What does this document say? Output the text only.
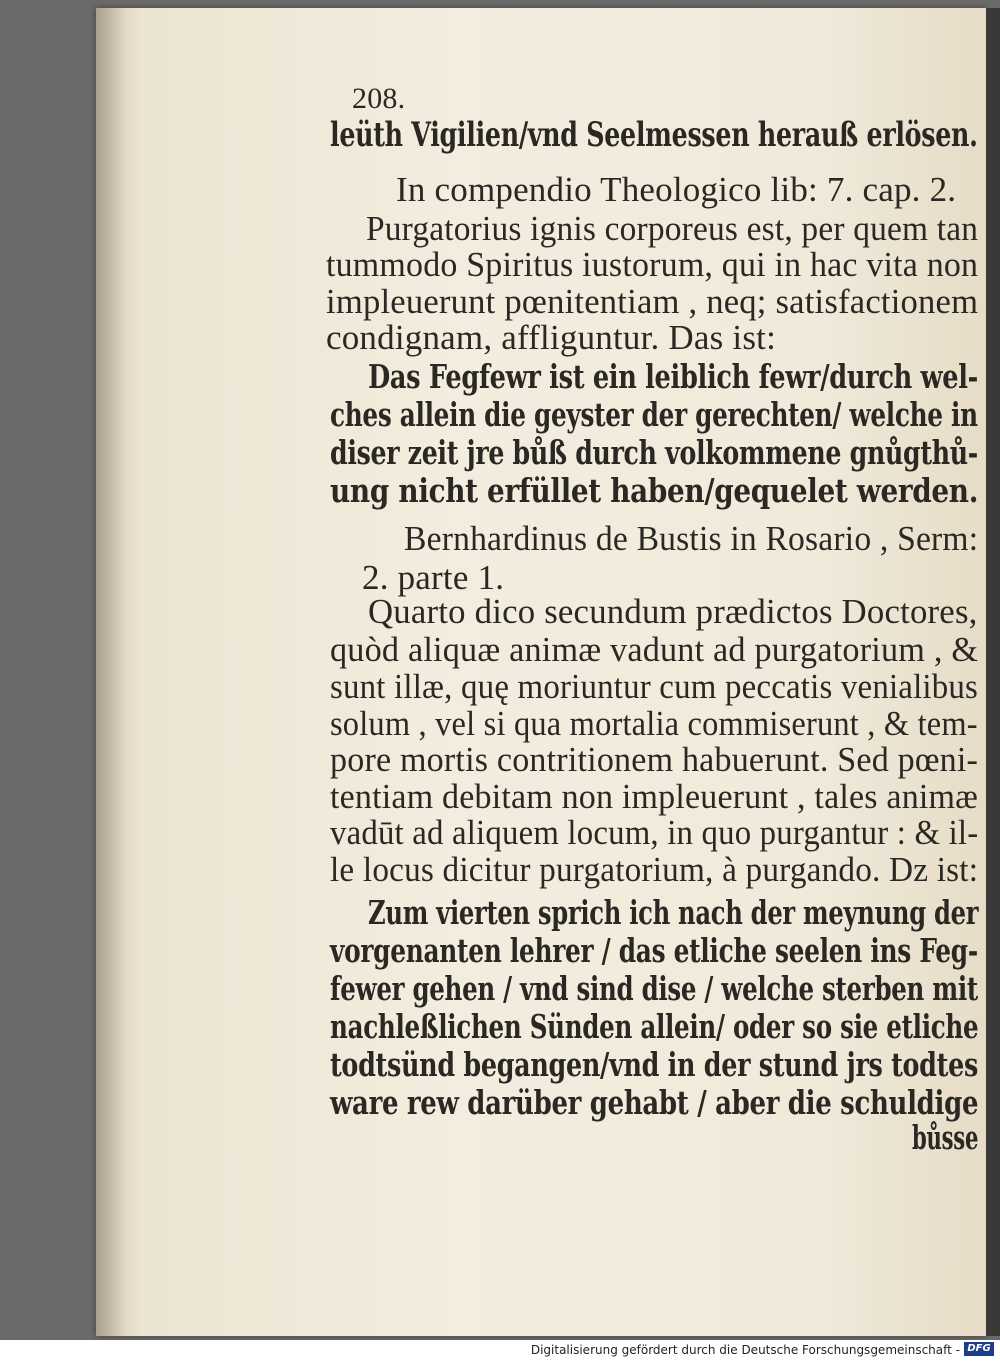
208.
leüth Vigilien/vnd Seelmessen herauß erlösen.
In compendio Theologico lib: 7. cap. 2.
Purgatorius ignis corporeus est, per quem tan
tummodo Spiritus iustorum, qui in hac vita non
impleuerunt pœnitentiam , neq; satisfactionem
condignam, affliguntur. Das ist:
Das Fegfewr ist ein leiblich fewr/durch wel-
ches allein die geyster der gerechten/ welche in
diser zeit jre bůß durch volkommene gnůgthů-
ung nicht erfüllet haben/gequelet werden.
Bernhardinus de Bustis in Rosario , Serm:
2. parte 1.
Quarto dico secundum prædictos Doctores,
quòd aliquæ animæ vadunt ad purgatorium , &
sunt illæ, quę moriuntur cum peccatis venialibus
solum , vel si qua mortalia commiserunt , & tem-
pore mortis contritionem habuerunt. Sed pœni-
tentiam debitam non impleuerunt , tales animæ
vadūt ad aliquem locum, in quo purgantur : & il-
le locus dicitur purgatorium, à purgando. Dz ist:
Zum vierten sprich ich nach der meynung der
vorgenanten lehrer / das etliche seelen ins Feg-
fewer gehen / vnd sind dise / welche sterben mit
nachleßlichen Sünden allein/ oder so sie etliche
todtsünd begangen/vnd in der stund jrs todtes
ware rew darüber gehabt / aber die schuldige
bůsse
Digitalisierung gefördert durch die Deutsche Forschungsgemeinschaft - DFG
